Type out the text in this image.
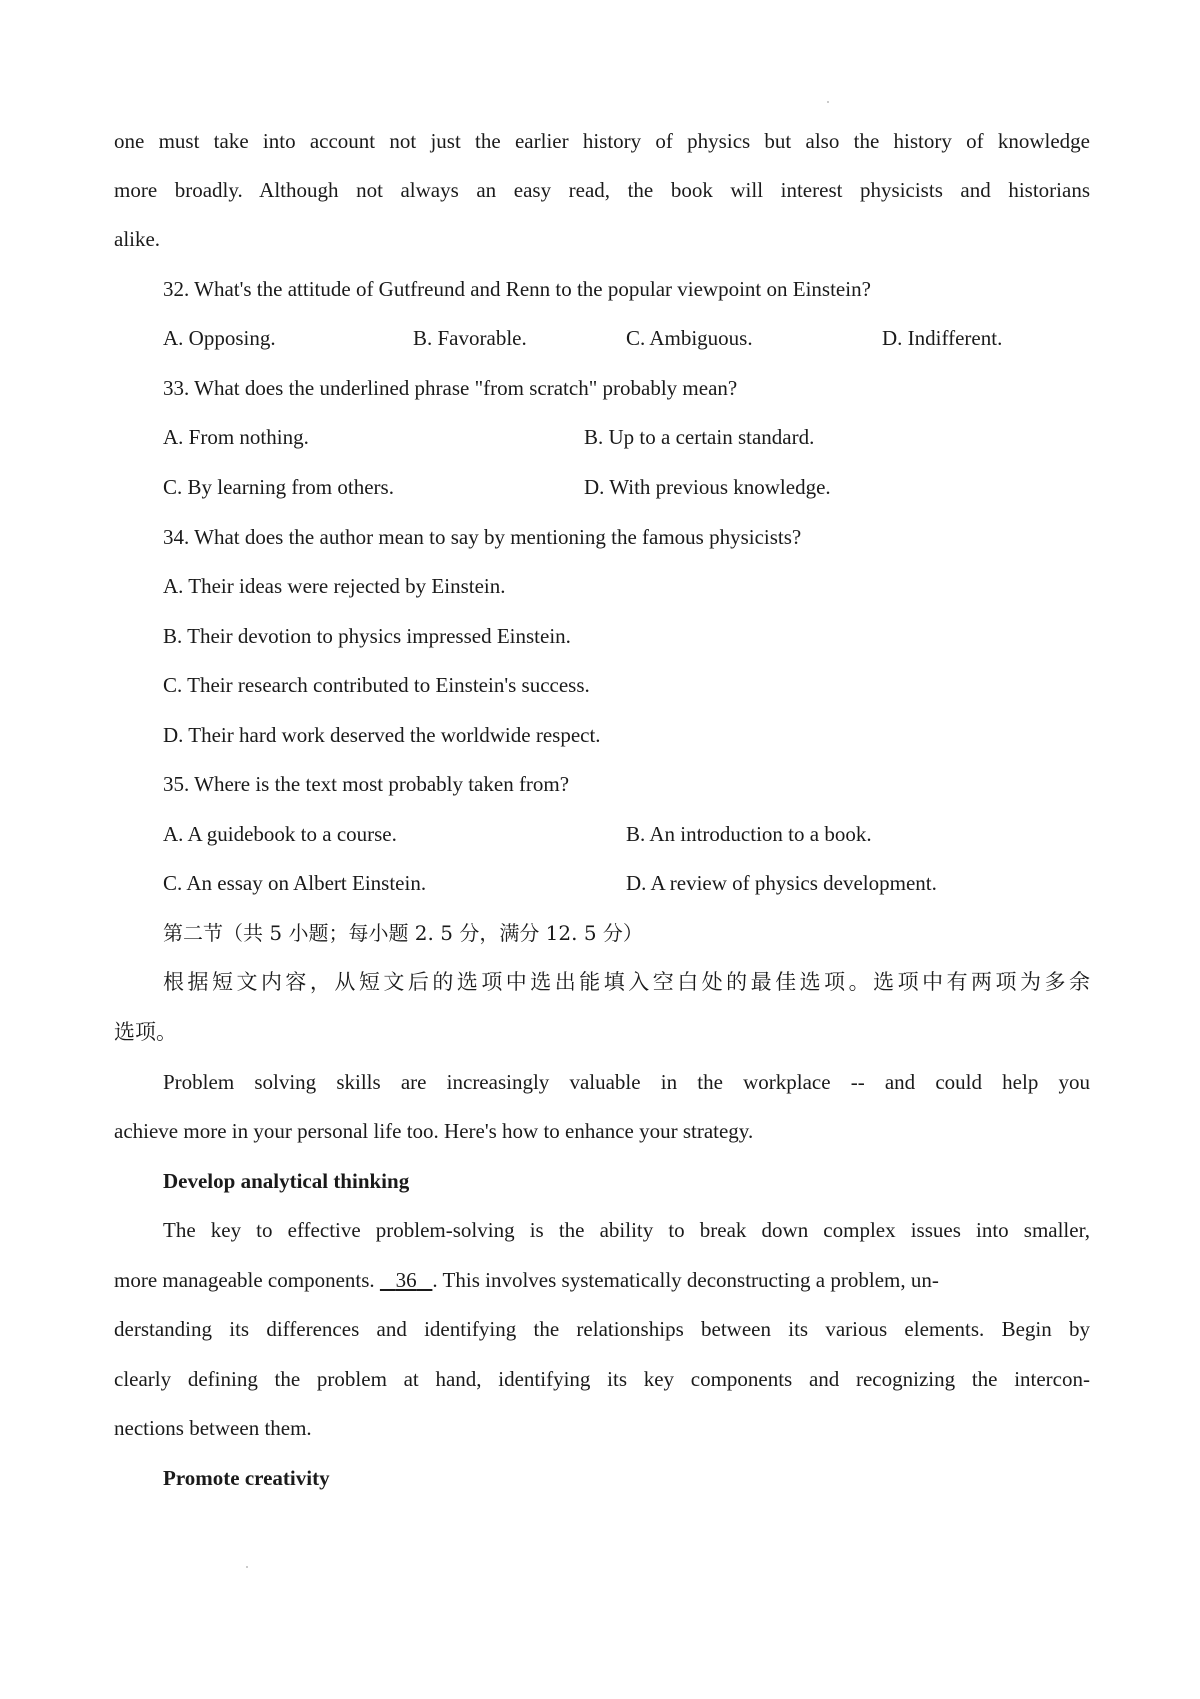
one must take into account not just the earlier history of physics but also the history of knowledge
more broadly. Although not always an easy read, the book will interest physicists and historians
alike.
32. What's the attitude of Gutfreund and Renn to the popular viewpoint on Einstein?
A. Opposing.	B. Favorable.	C. Ambiguous.	D. Indifferent.
33. What does the underlined phrase "from scratch" probably mean?
A. From nothing.	B. Up to a certain standard.
C. By learning from others.	D. With previous knowledge.
34. What does the author mean to say by mentioning the famous physicists?
A. Their ideas were rejected by Einstein.
B. Their devotion to physics impressed Einstein.
C. Their research contributed to Einstein's success.
D. Their hard work deserved the worldwide respect.
35. Where is the text most probably taken from?
A. A guidebook to a course.	B. An introduction to a book.
C. An essay on Albert Einstein.	D. A review of physics development.
第二节（共 5 小题；每小题 2. 5 分，满分 12. 5 分）
根据短文内容，从短文后的选项中选出能填入空白处的最佳选项。选项中有两项为多余
选项。
Problem solving skills are increasingly valuable in the workplace -- and could help you
achieve more in your personal life too. Here's how to enhance your strategy.
Develop analytical thinking
The key to effective problem-solving is the ability to break down complex issues into smaller,
more manageable components. 36 . This involves systematically deconstructing a problem, un-
derstanding its differences and identifying the relationships between its various elements. Begin by
clearly defining the problem at hand, identifying its key components and recognizing the intercon-
nections between them.
Promote creativity
